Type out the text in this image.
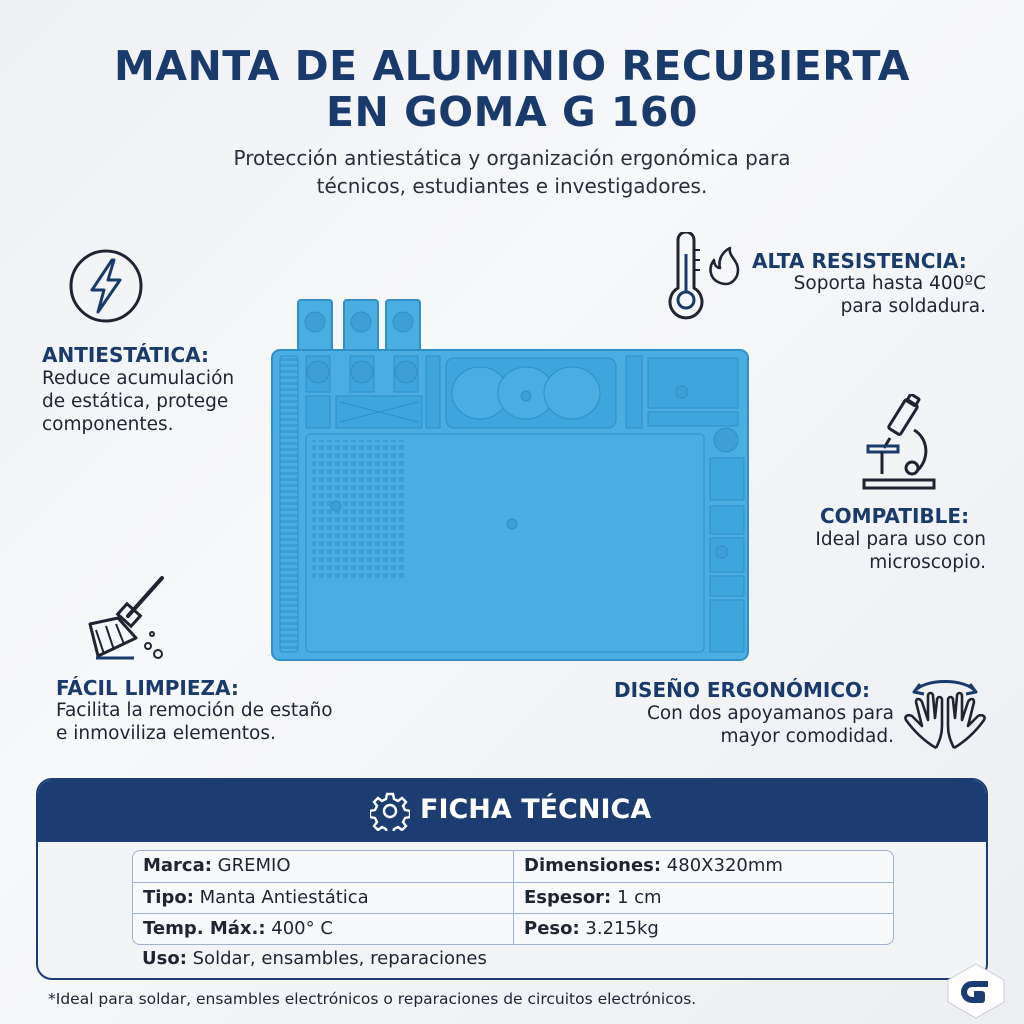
MANTA DE ALUMINIO RECUBIERTA
EN GOMA G 160
Protección antiestática y organización ergonómica para
técnicos, estudiantes e investigadores.
ANTIESTÁTICA:
Reduce acumulación
de estática, protege
componentes.
ALTA RESISTENCIA:
Soporta hasta 400ºC
para soldadura.
COMPATIBLE:
Ideal para uso con
microscopio.
FÁCIL LIMPIEZA:
Facilita la remoción de estaño
e inmoviliza elementos.
DISEÑO ERGONÓMICO:
Con dos apoyamanos para
mayor comodidad.
FICHA TÉCNICA
Marca: GREMIO	Dimensiones: 480X320mm
Tipo: Manta Antiestática	Espesor: 1 cm
Temp. Máx.: 400° C	Peso: 3.215kg
Uso: Soldar, ensambles, reparaciones
*Ideal para soldar, ensambles electrónicos o reparaciones de circuitos electrónicos.
